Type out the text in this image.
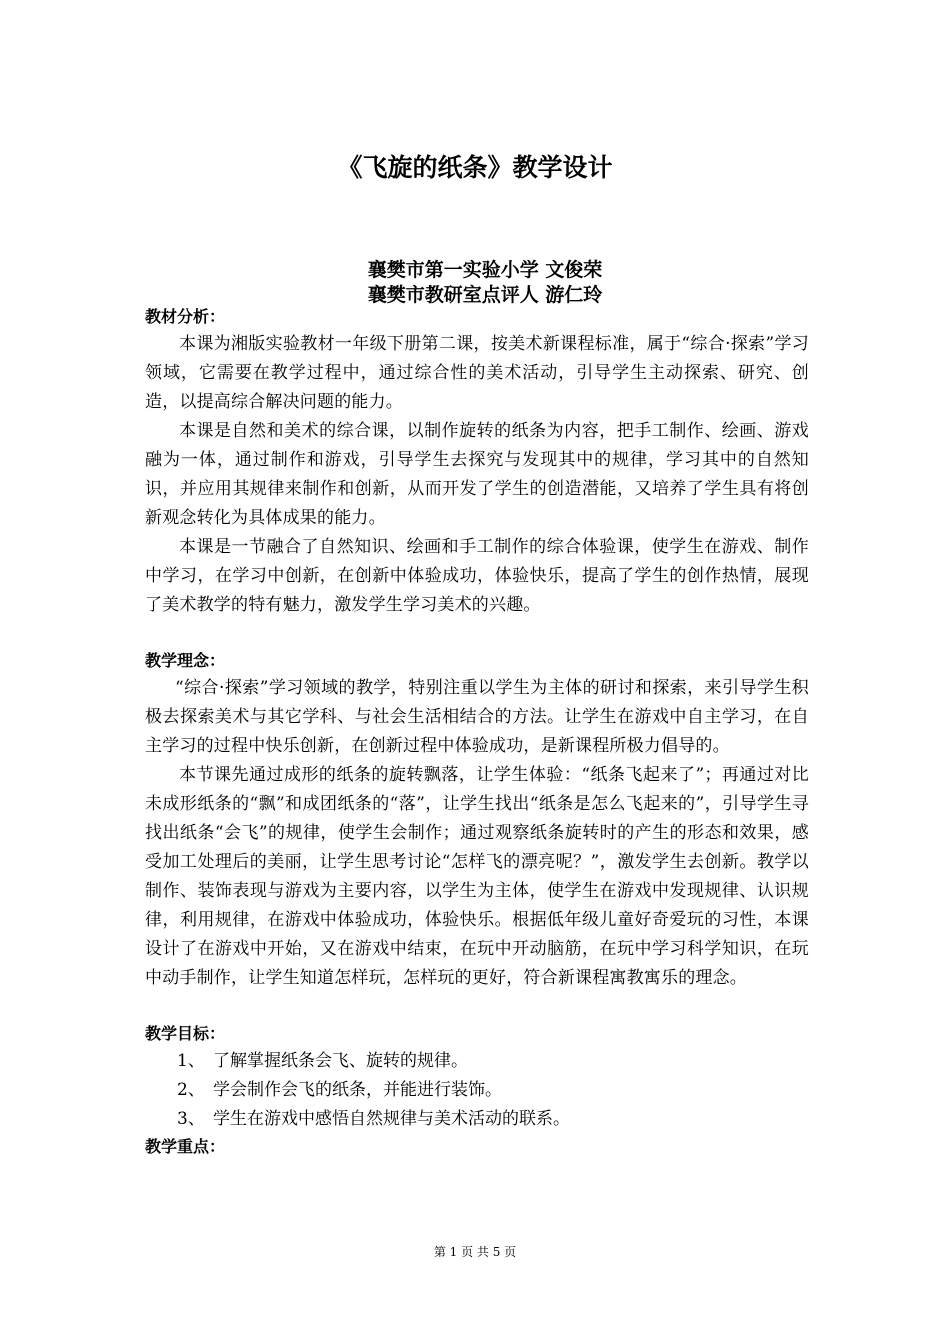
《飞旋的纸条》教学设计
襄樊市第一实验小学 文俊荣
襄樊市教研室点评人 游仁玲
教材分析：

本课为湘版实验教材一年级下册第二课，按美术新课程标准，属于“综合·探索”学习领域，它需要在教学过程中，通过综合性的美术活动，引导学生主动探索、研究、创造，以提高综合解决问题的能力。

本课是自然和美术的综合课，以制作旋转的纸条为内容，把手工制作、绘画、游戏融为一体，通过制作和游戏，引导学生去探究与发现其中的规律，学习其中的自然知识，并应用其规律来制作和创新，从而开发了学生的创造潜能，又培养了学生具有将创新观念转化为具体成果的能力。

本课是一节融合了自然知识、绘画和手工制作的综合体验课，使学生在游戏、制作中学习，在学习中创新，在创新中体验成功，体验快乐，提高了学生的创作热情，展现了美术教学的特有魅力，激发学生学习美术的兴趣。

教学理念：

“综合·探索”学习领域的教学，特别注重以学生为主体的研讨和探索，来引导学生积极去探索美术与其它学科、与社会生活相结合的方法。让学生在游戏中自主学习，在自主学习的过程中快乐创新，在创新过程中体验成功，是新课程所极力倡导的。

本节课先通过成形的纸条的旋转飘落，让学生体验：“纸条飞起来了”；再通过对比未成形纸条的“飘”和成团纸条的“落”，让学生找出“纸条是怎么飞起来的”，引导学生寻找出纸条“会飞”的规律，使学生会制作；通过观察纸条旋转时的产生的形态和效果，感受加工处理后的美丽，让学生思考讨论“怎样飞的漂亮呢？”，激发学生去创新。教学以制作、装饰表现与游戏为主要内容，以学生为主体，使学生在游戏中发现规律、认识规律，利用规律，在游戏中体验成功，体验快乐。根据低年级儿童好奇爱玩的习性，本课设计了在游戏中开始，又在游戏中结束，在玩中开动脑筋，在玩中学习科学知识，在玩中动手制作，让学生知道怎样玩，怎样玩的更好，符合新课程寓教寓乐的理念。

教学目标：

1、 了解掌握纸条会飞、旋转的规律。

2、 学会制作会飞的纸条，并能进行装饰。

3、 学生在游戏中感悟自然规律与美术活动的联系。

教学重点：
第 1 页 共 5 页
